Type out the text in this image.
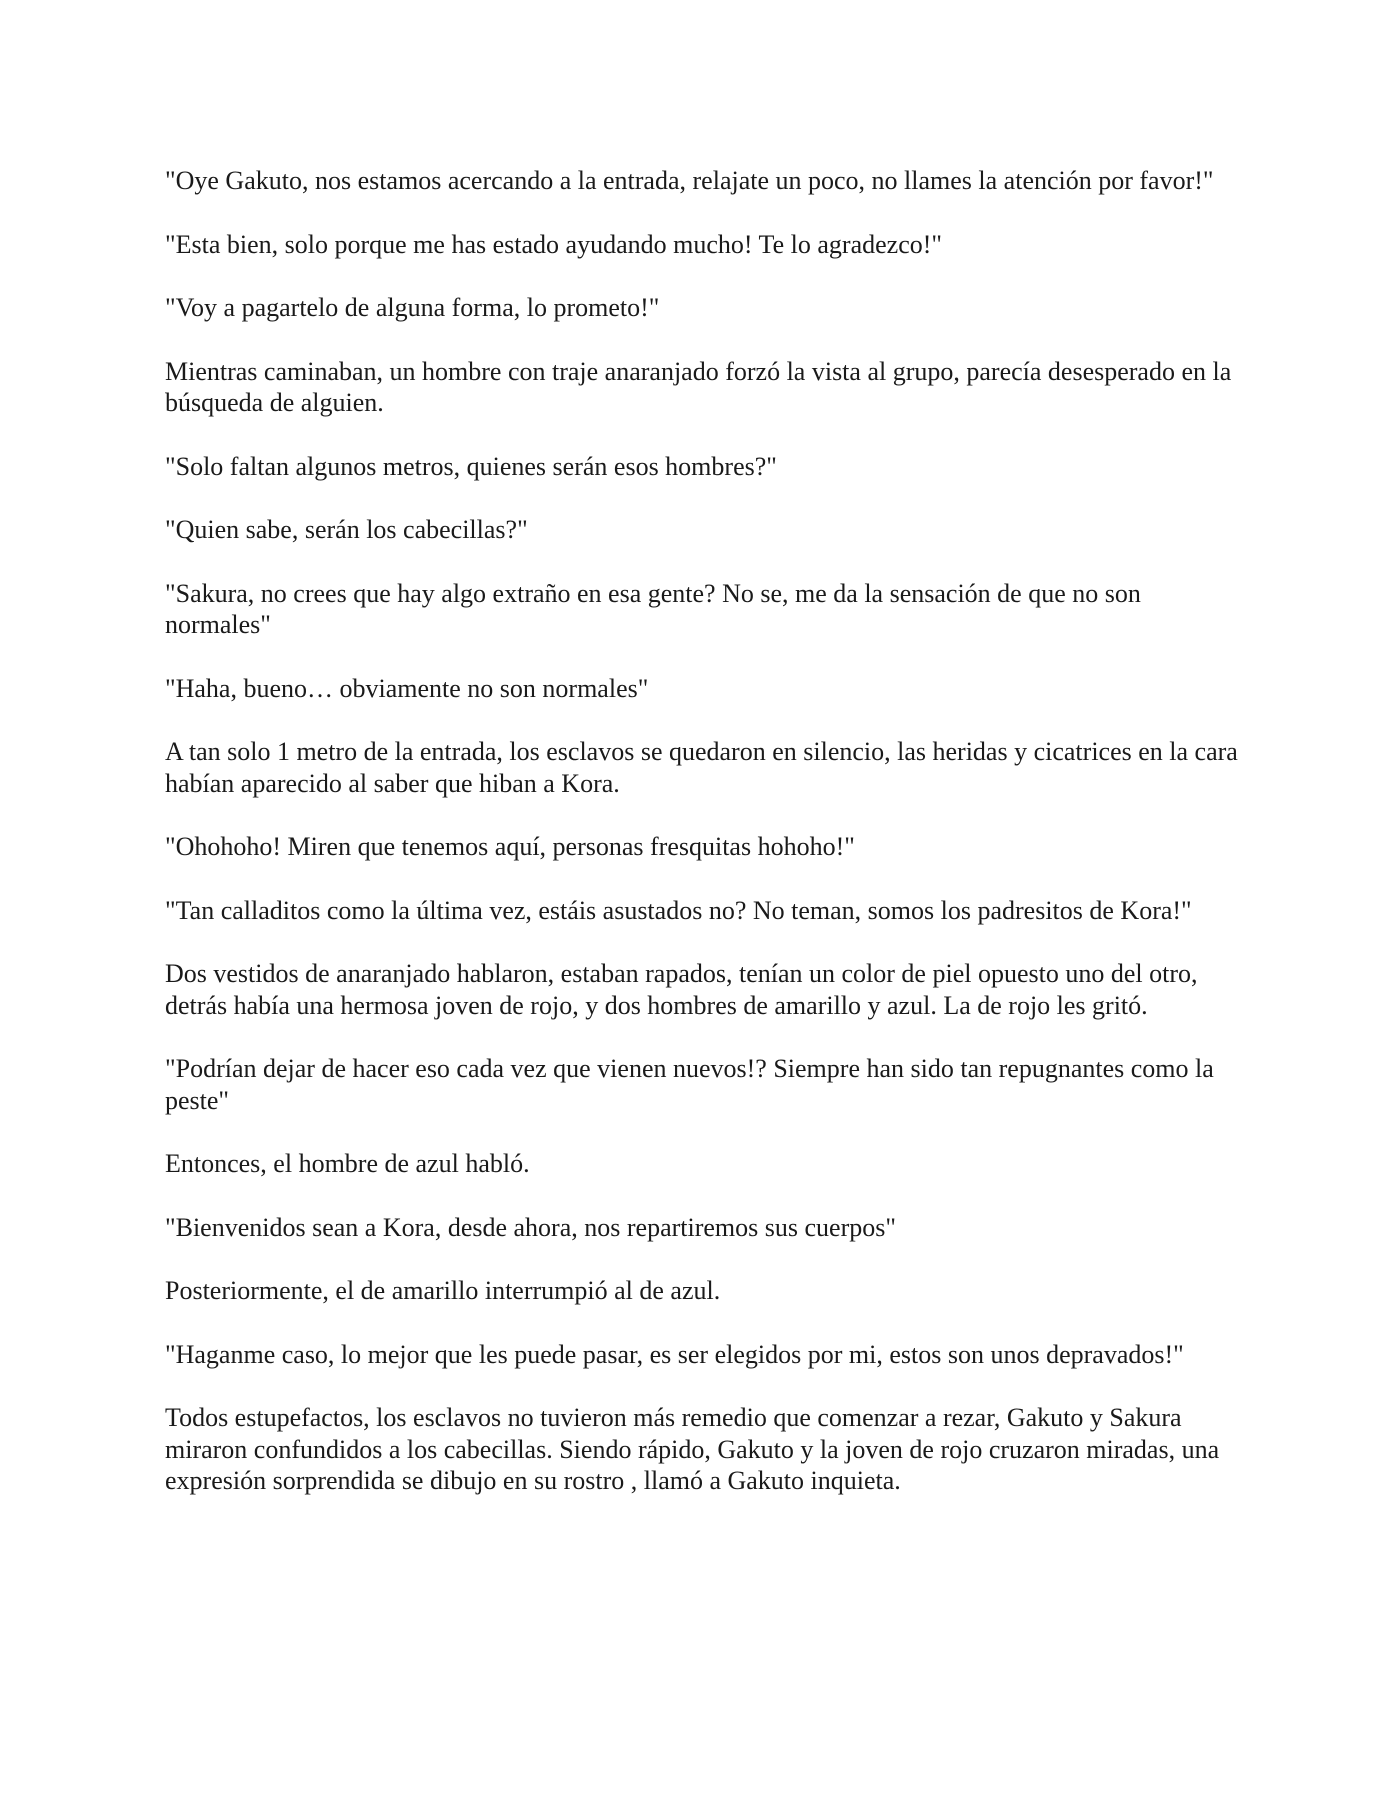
"Oye Gakuto, nos estamos acercando a la entrada, relajate un poco, no llames la atención por favor!"

"Esta bien, solo porque me has estado ayudando mucho! Te lo agradezco!"

"Voy a pagartelo de alguna forma, lo prometo!"

Mientras caminaban, un hombre con traje anaranjado forzó la vista al grupo, parecía desesperado en la búsqueda de alguien.

"Solo faltan algunos metros, quienes serán esos hombres?"

"Quien sabe, serán los cabecillas?"

"Sakura, no crees que hay algo extraño en esa gente? No se, me da la sensación de que no son normales"

"Haha, bueno… obviamente no son normales"

A tan solo 1 metro de la entrada, los esclavos se quedaron en silencio, las heridas y cicatrices en la cara habían aparecido al saber que hiban a Kora.

"Ohohoho! Miren que tenemos aquí, personas fresquitas hohoho!"

"Tan calladitos como la última vez, estáis asustados no? No teman, somos los padresitos de Kora!"

Dos vestidos de anaranjado hablaron, estaban rapados, tenían un color de piel opuesto uno del otro, detrás había una hermosa joven de rojo, y dos hombres de amarillo y azul. La de rojo les gritó.

"Podrían dejar de hacer eso cada vez que vienen nuevos!? Siempre han sido tan repugnantes como la peste"

Entonces, el hombre de azul habló.

"Bienvenidos sean a Kora, desde ahora, nos repartiremos sus cuerpos"

Posteriormente, el de amarillo interrumpió al de azul.

"Haganme caso, lo mejor que les puede pasar, es ser elegidos por mi, estos son unos depravados!"

Todos estupefactos, los esclavos no tuvieron más remedio que comenzar a rezar, Gakuto y Sakura miraron confundidos a los cabecillas. Siendo rápido, Gakuto y la joven de rojo cruzaron miradas, una expresión sorprendida se dibujo en su rostro , llamó a Gakuto inquieta.
